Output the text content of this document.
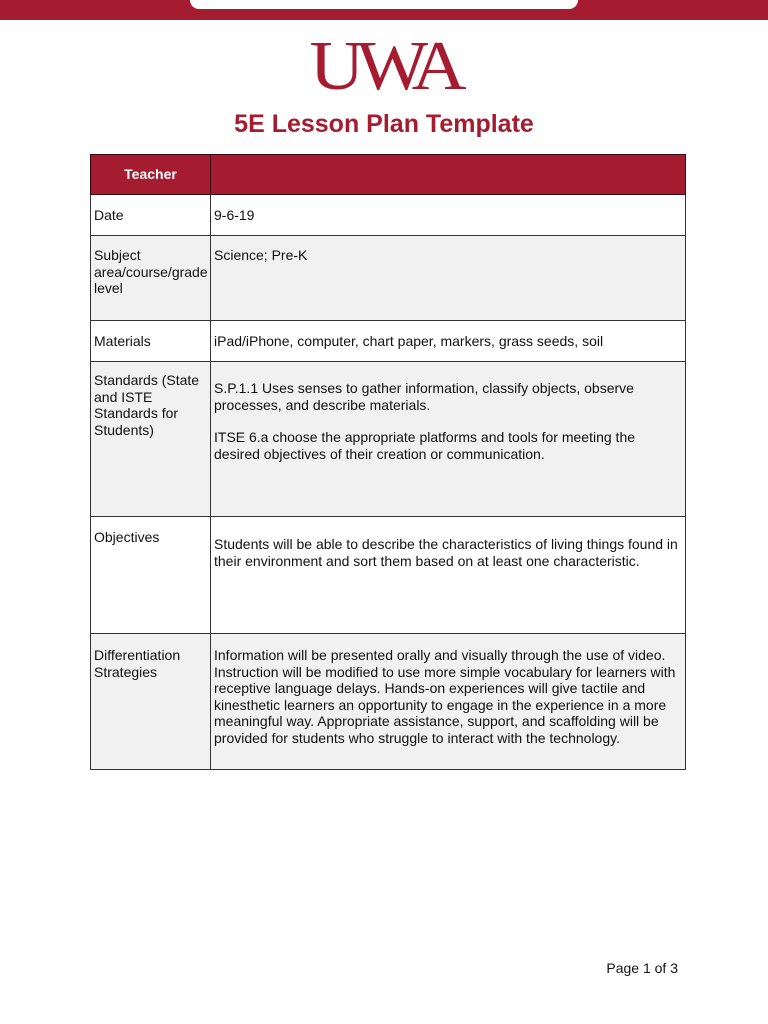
UWA
5E Lesson Plan Template
Teacher	
Date	9-6-19
Subject area/course/grade level	Science; Pre-K
Materials	iPad/iPhone, computer, chart paper, markers, grass seeds, soil
Standards (State and ISTE Standards for Students)	S.P.1.1 Uses senses to gather information, classify objects, observe processes, and describe materials.
ITSE 6.a choose the appropriate platforms and tools for meeting the desired objectives of their creation or communication.

Objectives	Students will be able to describe the characteristics of living things found in their environment and sort them based on at least one characteristic.

Differentiation Strategies	Information will be presented orally and visually through the use of video. Instruction will be modified to use more simple vocabulary for learners with receptive language delays. Hands-on experiences will give tactile and kinesthetic learners an opportunity to engage in the experience in a more meaningful way. Appropriate assistance, support, and scaffolding will be provided for students who struggle to interact with the technology.
Page 1 of 3
